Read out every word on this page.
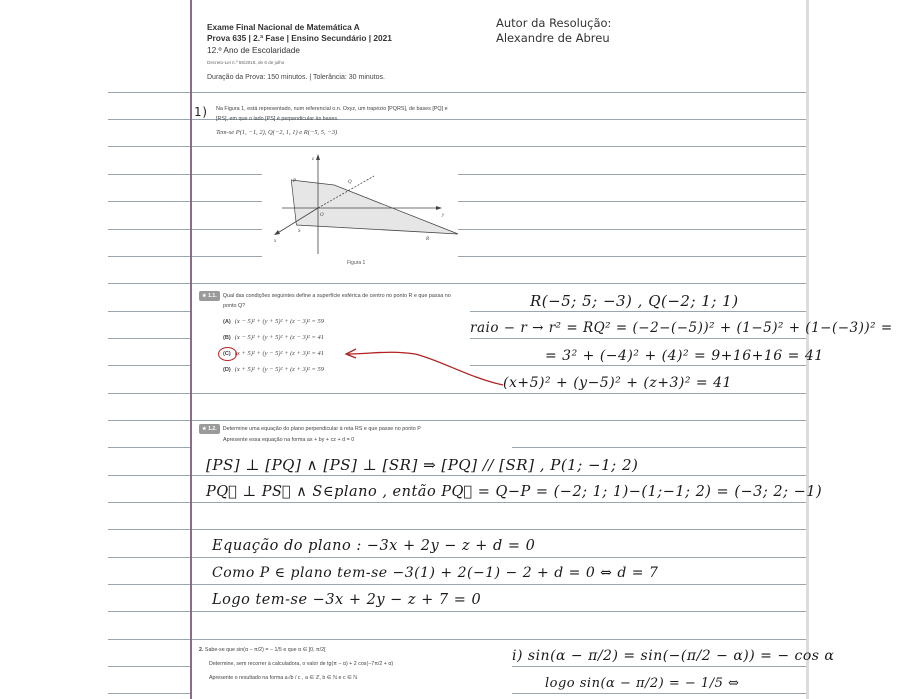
Exame Final Nacional de Matemática A
Prova 635 | 2.ª Fase | Ensino Secundário | 2021
12.º Ano de Escolaridade
Decreto-Lei n.º 55/2018, de 6 de julho
Duração da Prova: 150 minutos. | Tolerância: 30 minutos.
Autor da Resolução:
Alexandre de Abreu
1) Na Figura 1, está representado, num referencial o.n. Oxyz, um trapézio [PQRS], de bases [PQ] e
[RS], em que o lado [PS] é perpendicular às bases.
Tem-se P(1, −1, 2), Q(−2, 1, 1) e R(−5, 5, −3)
P	Q
R
S
O	y
x
z
Figura 1
★ 1.1. Qual das condições seguintes define a superfície esférica de centro no ponto R e que passa no
ponto Q?
(A) (x − 5)² + (y + 5)² + (z − 3)² = 59
(B) (x − 5)² + (y + 5)² + (z − 3)² = 41
(C) (x + 5)² + (y − 5)² + (z + 3)² = 41
(D) (x + 5)² + (y − 5)² + (z + 3)² = 59
R(−5; 5; −3) , Q(−2; 1; 1)
raio − r → r² = RQ² = (−2−(−5))² + (1−5)² + (1−(−3))² =
= 3² + (−4)² + (4)² = 9+16+16 = 41
(x+5)² + (y−5)² + (z+3)² = 41
★ 1.2. Determine uma equação do plano perpendicular à reta RS e que passe no ponto P
Apresente essa equação na forma ax + by + cz + d = 0
[PS] ⊥ [PQ] ∧ [PS] ⊥ [SR] ⇒ [PQ] // [SR] , P(1; −1; 2)
PQ⃗ ⊥ PS⃗ ∧ S∈plano , então PQ⃗ = Q−P = (−2; 1; 1)−(1;−1; 2) = (−3; 2; −1)
Equação do plano : −3x + 2y − z + d = 0
Como P ∈ plano tem-se −3(1) + 2(−1) − 2 + d = 0 ⇔ d = 7
Logo tem-se −3x + 2y − z + 7 = 0
2. Sabe-se que sin(α − π/2) = − 1/5 e que α ∈ ]0, π/2[
Determine, sem recorrer à calculadora, o valor de tg(π − α) + 2 cos(−7π/2 + α)
Apresente o resultado na forma a√b / c , a ∈ ℤ, b ∈ ℕ e c ∈ ℕ
i) sin(α − π/2) = sin(−(π/2 − α)) = − cos α
logo sin(α − π/2) = − 1/5 ⇔
